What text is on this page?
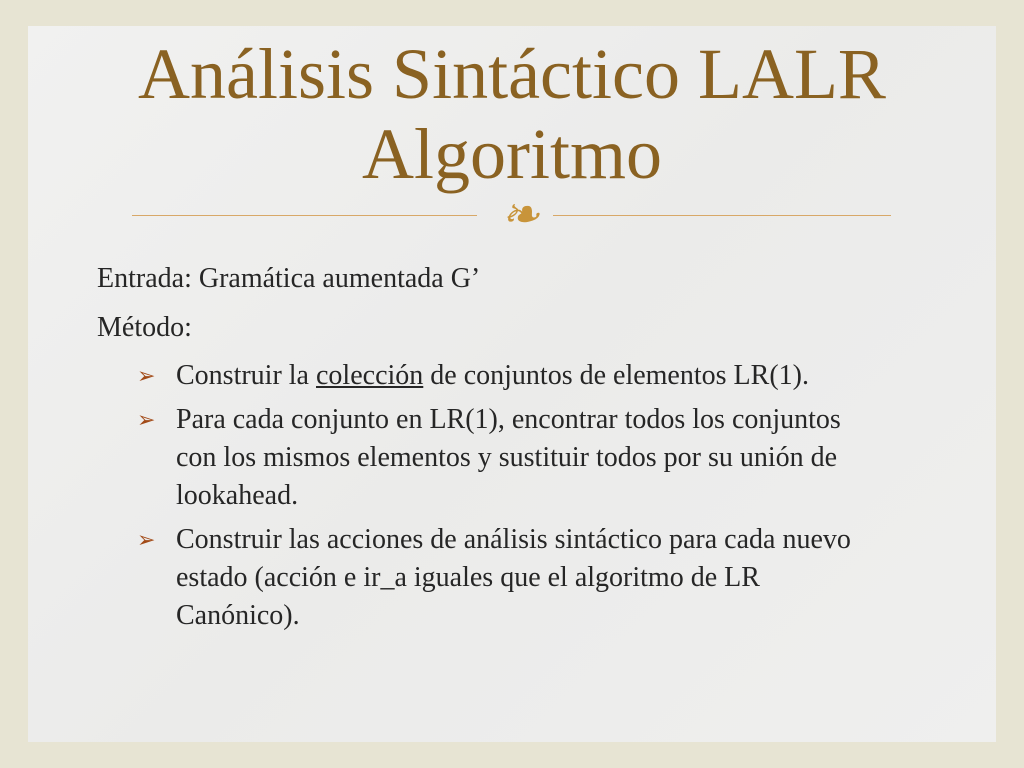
Análisis Sintáctico LALR
Algoritmo
❧
Entrada: Gramática aumentada G’
Método:
➢ Construir la colección de conjuntos de elementos LR(1).
➢ Para cada conjunto en LR(1), encontrar todos los conjuntos con los mismos elementos y sustituir todos por su unión de lookahead.
➢ Construir las acciones de análisis sintáctico para cada nuevo estado (acción e ir_a iguales que el algoritmo de LR Canónico).
